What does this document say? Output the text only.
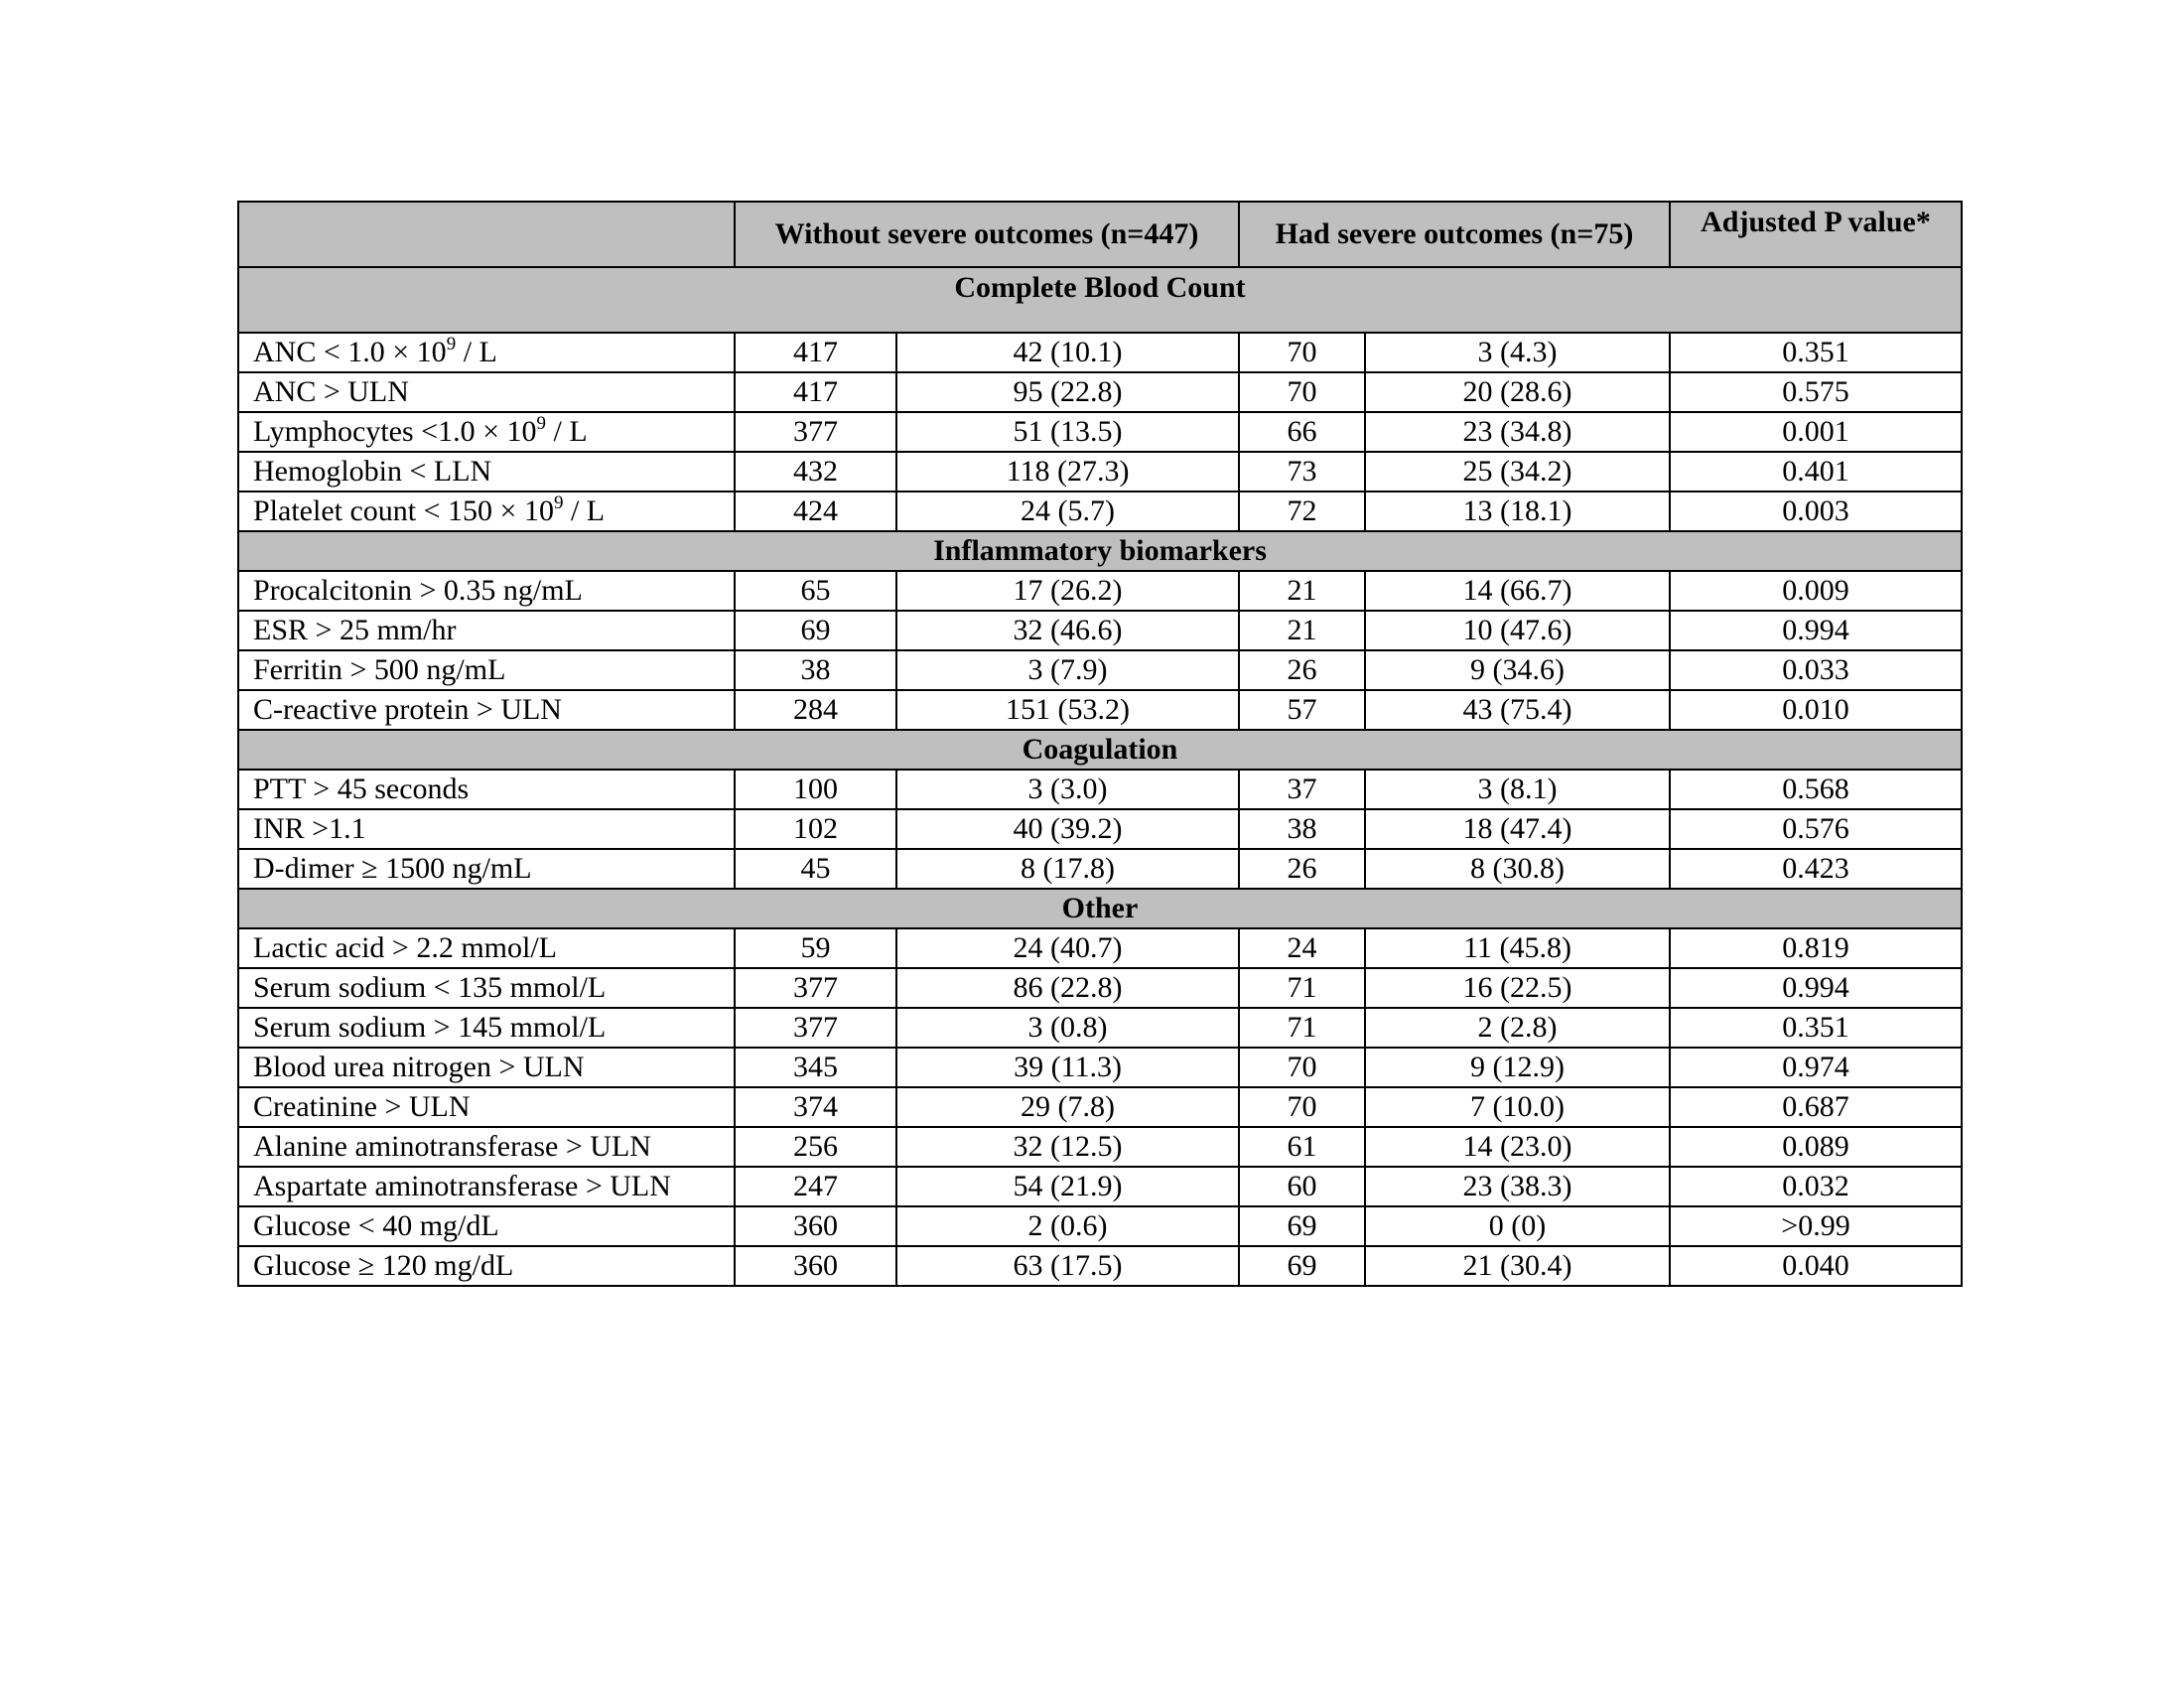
	Without severe outcomes (n=447)		Had severe outcomes (n=75)		Adjusted P value*
Complete Blood Count					
ANC < $1.0 \times 10^9 / L$	417	42 (10.1)	70	3 (4.3)	0.351
ANC > ULN	417	95 (22.8)	70	20 (28.6)	0.575
Lymphocytes $<1.0 \times 10^9 / L$	377	51 (13.5)	66	23 (34.8)	0.001
Hemoglobin < LLN	432	118 (27.3)	73	25 (34.2)	0.401
Platelet count < $150 \times 10^9 / L$	424	24 (5.7)	72	13 (18.1)	0.003
Inflammatory biomarkers					
Procalcitonin > 0.35 ng/mL	65	17 (26.2)	21	14 (66.7)	0.009
ESR > 25 mm/hr	69	32 (46.6)	21	10 (47.6)	0.994
Ferritin > 500 ng/mL	38	3 (7.9)	26	9 (34.6)	0.033
C-reactive protein > ULN	284	151 (53.2)	57	43 (75.4)	0.010
Coagulation					
PTT > 45 seconds	100	3 (3.0)	37	3 (8.1)	0.568
INR >1.1	102	40 (39.2)	38	18 (47.4)	0.576
D-dimer ≥ 1500 ng/mL	45	8 (17.8)	26	8 (30.8)	0.423
Other					
Lactic acid > 2.2 mmol/L	59	24 (40.7)	24	11 (45.8)	0.819
Serum sodium < 135 mmol/L	377	86 (22.8)	71	16 (22.5)	0.994
Serum sodium > 145 mmol/L	377	3 (0.8)	71	2 (2.8)	0.351
Blood urea nitrogen > ULN	345	39 (11.3)	70	9 (12.9)	0.974
Creatinine > ULN	374	29 (7.8)	70	7 (10.0)	0.687
Alanine aminotransferase > ULN	256	32 (12.5)	61	14 (23.0)	0.089
Aspartate aminotransferase > ULN	247	54 (21.9)	60	23 (38.3)	0.032
Glucose < 40 mg/dL	360	2 (0.6)	69	0 (0)	>0.99
Glucose ≥ 120 mg/dL	360	63 (17.5)	69	21 (30.4)	0.040
